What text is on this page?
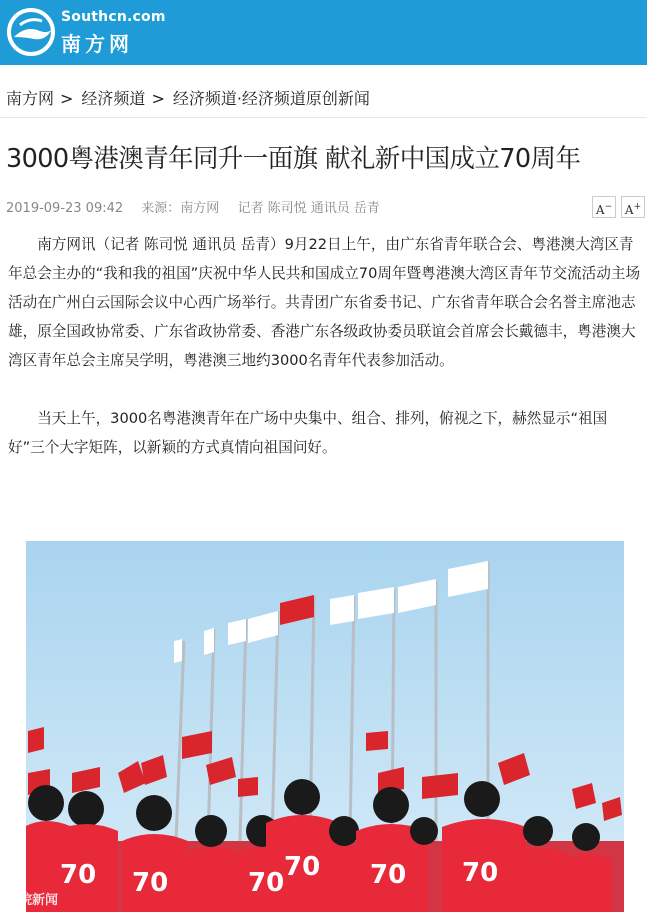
Southcn.com
南方网
南方网 > 经济频道 > 经济频道·经济频道原创新闻
3000粤港澳青年同升一面旗 献礼新中国成立70周年
2019-09-23 09:42 来源：南方网 记者 陈司悦 通讯员 岳青	A−	A+

南方网讯（记者 陈司悦 通讯员 岳青）9月22日上午，由广东省青年联合会、粤港澳大湾区青年总会主办的“我和我的祖国”庆祝中华人民共和国成立70周年暨粤港澳大湾区青年节交流活动主场活动在广州白云国际会议中心西广场举行。共青团广东省委书记、广东省青年联合会名誉主席池志雄，原全国政协常委、广东省政协常委、香港广东各级政协委员联谊会首席会长戴德丰，粤港澳大湾区青年总会主席吴学明，粤港澳三地约3000名青年代表参加活动。

当天上午，3000名粤港澳青年在广场中央集中、组合、排列，俯视之下，赫然显示“祖国好”三个大字矩阵，以新颖的方式真情向祖国问好。

70 70	70
70 70 70
大皖新闻
